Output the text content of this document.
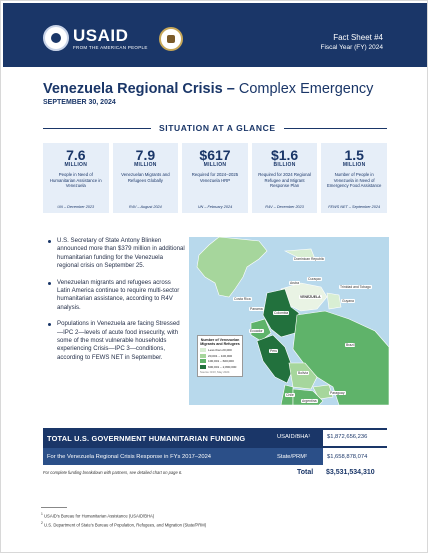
USAID
FROM THE AMERICAN PEOPLE
Fact Sheet #4
Fiscal Year (FY) 2024
Venezuela Regional Crisis – Complex Emergency
SEPTEMBER 30, 2024
SITUATION AT A GLANCE
7.6
MILLION
People in Need of Humanitarian Assistance in Venezuela
UN – December 2023
7.9
MILLION
Venezuelan Migrants and Refugees Globally
R4V – August 2024
$617
MILLION
Required for 2024–2025 Venezuela HRP
UN – February 2024
$1.6
BILLION
Required for 2024 Regional Refugee and Migrant Response Plan
R4V – December 2023
1.5
MILLION
Number of People in Venezuela in Need of Emergency Food Assistance
FEWS NET – September 2024
U.S. Secretary of State Antony Blinken announced more than $379 million in additional humanitarian funding for the Venezuela regional crisis on September 25.
Venezuelan migrants and refugees across Latin America continue to require multi-sector humanitarian assistance, according to R4V analysis.
Populations in Venezuela are facing Stressed—IPC 2—levels of acute food insecurity, with some of the most vulnerable households experiencing Crisis—IPC 3—conditions, according to FEWS NET in September.
Dominican Republic
Aruba
Curaçao
Trinidad and Tobago
Guyana
Costa Rica
Panama
VENEZUELA
Colombia
Ecuador
Peru
Brazil
Bolivia
Chile	Paraguay
Argentina
Number of Venezuelan Migrants and Refugees
Less than 20,000
20,001 – 100,000
100,001 – 600,000
600,001 – 2,800,000
Source: R4V, May 2024
TOTAL U.S. GOVERNMENT HUMANITARIAN FUNDING	USAID/BHA¹	$1,872,656,236
For the Venezuela Regional Crisis Response in FYs 2017–2024	State/PRM²	$1,658,878,074
For complete funding breakdown with partners, see detailed chart on page 6.	Total $3,531,534,310
$^1$ USAID's Bureau for Humanitarian Assistance (USAID/BHA)
$^2$ U.S. Department of State's Bureau of Population, Refugees, and Migration (State/PRM)
